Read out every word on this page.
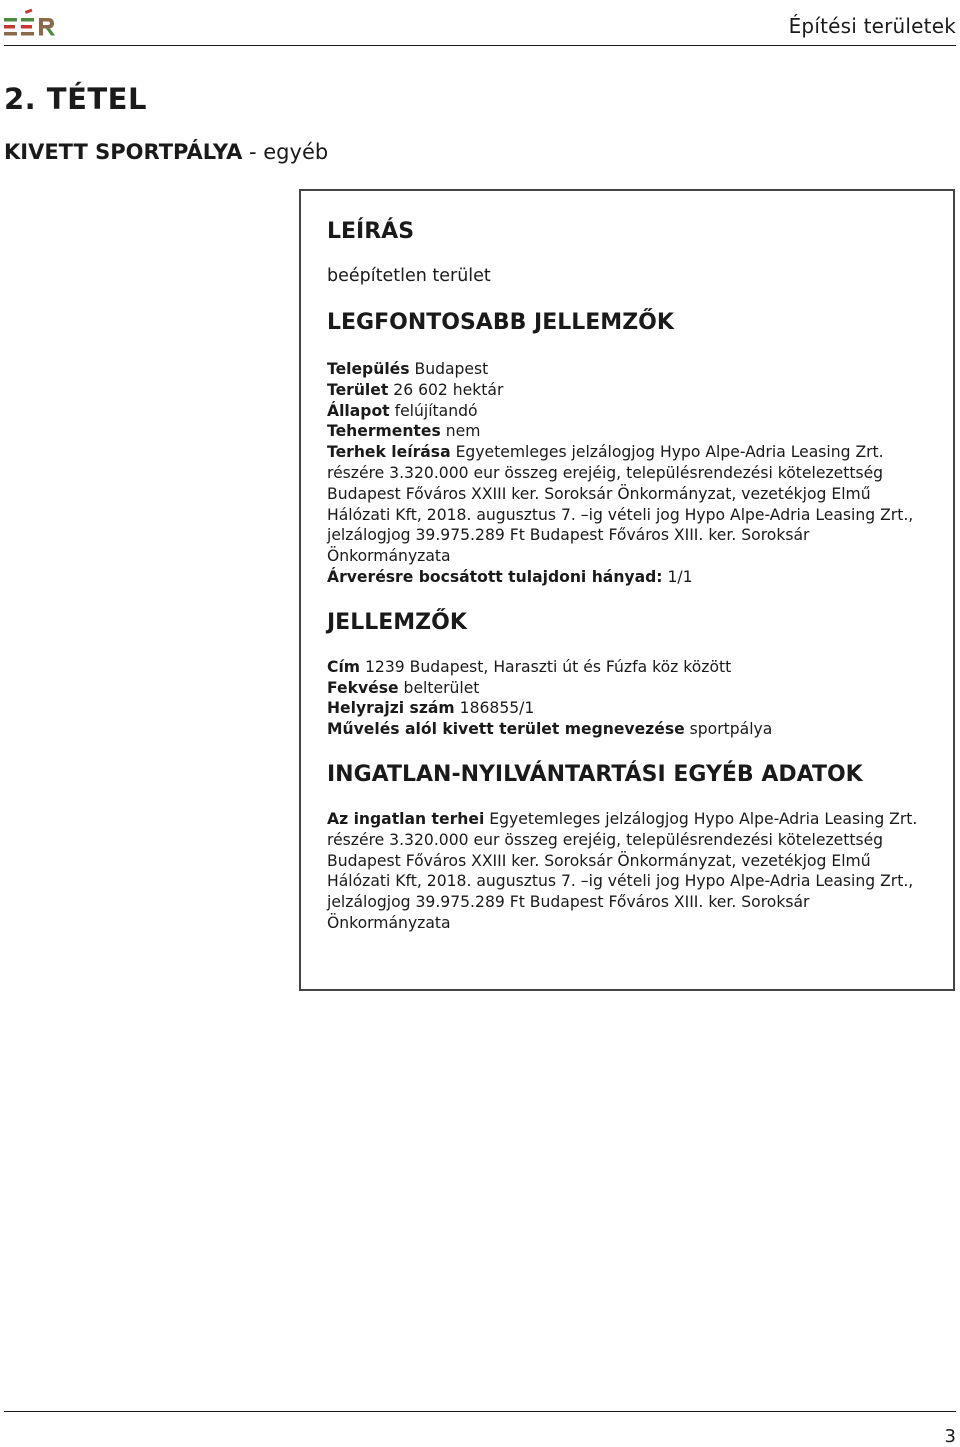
Építési területek
2. TÉTEL
KIVETT SPORTPÁLYA - egyéb
LEÍRÁS
beépítetlen terület
LEGFONTOSABB JELLEMZŐK

Település Budapest

Terület 26 602 hektár

Állapot felújítandó

Tehermentes nem

Terhek leírása Egyetemleges jelzálogjog Hypo Alpe-Adria Leasing Zrt. részére 3.320.000 eur összeg erejéig, településrendezési kötelezettség Budapest Főváros XXIII ker. Soroksár Önkormányzat, vezetékjog Elmű Hálózati Kft, 2018. augusztus 7. –ig vételi jog Hypo Alpe-Adria Leasing Zrt., jelzálogjog 39.975.289 Ft Budapest Főváros XIII. ker. Soroksár Önkormányzata

Árverésre bocsátott tulajdoni hányad: 1/1

JELLEMZŐK

Cím 1239 Budapest, Haraszti út és Fúzfa köz között

Fekvése belterület

Helyrajzi szám 186855/1

Művelés alól kivett terület megnevezése sportpálya

INGATLAN-NYILVÁNTARTÁSI EGYÉB ADATOK

Az ingatlan terhei Egyetemleges jelzálogjog Hypo Alpe-Adria Leasing Zrt. részére 3.320.000 eur összeg erejéig, településrendezési kötelezettség Budapest Főváros XXIII ker. Soroksár Önkormányzat, vezetékjog Elmű Hálózati Kft, 2018. augusztus 7. –ig vételi jog Hypo Alpe-Adria Leasing Zrt., jelzálogjog 39.975.289 Ft Budapest Főváros XIII. ker. Soroksár Önkormányzata

3
